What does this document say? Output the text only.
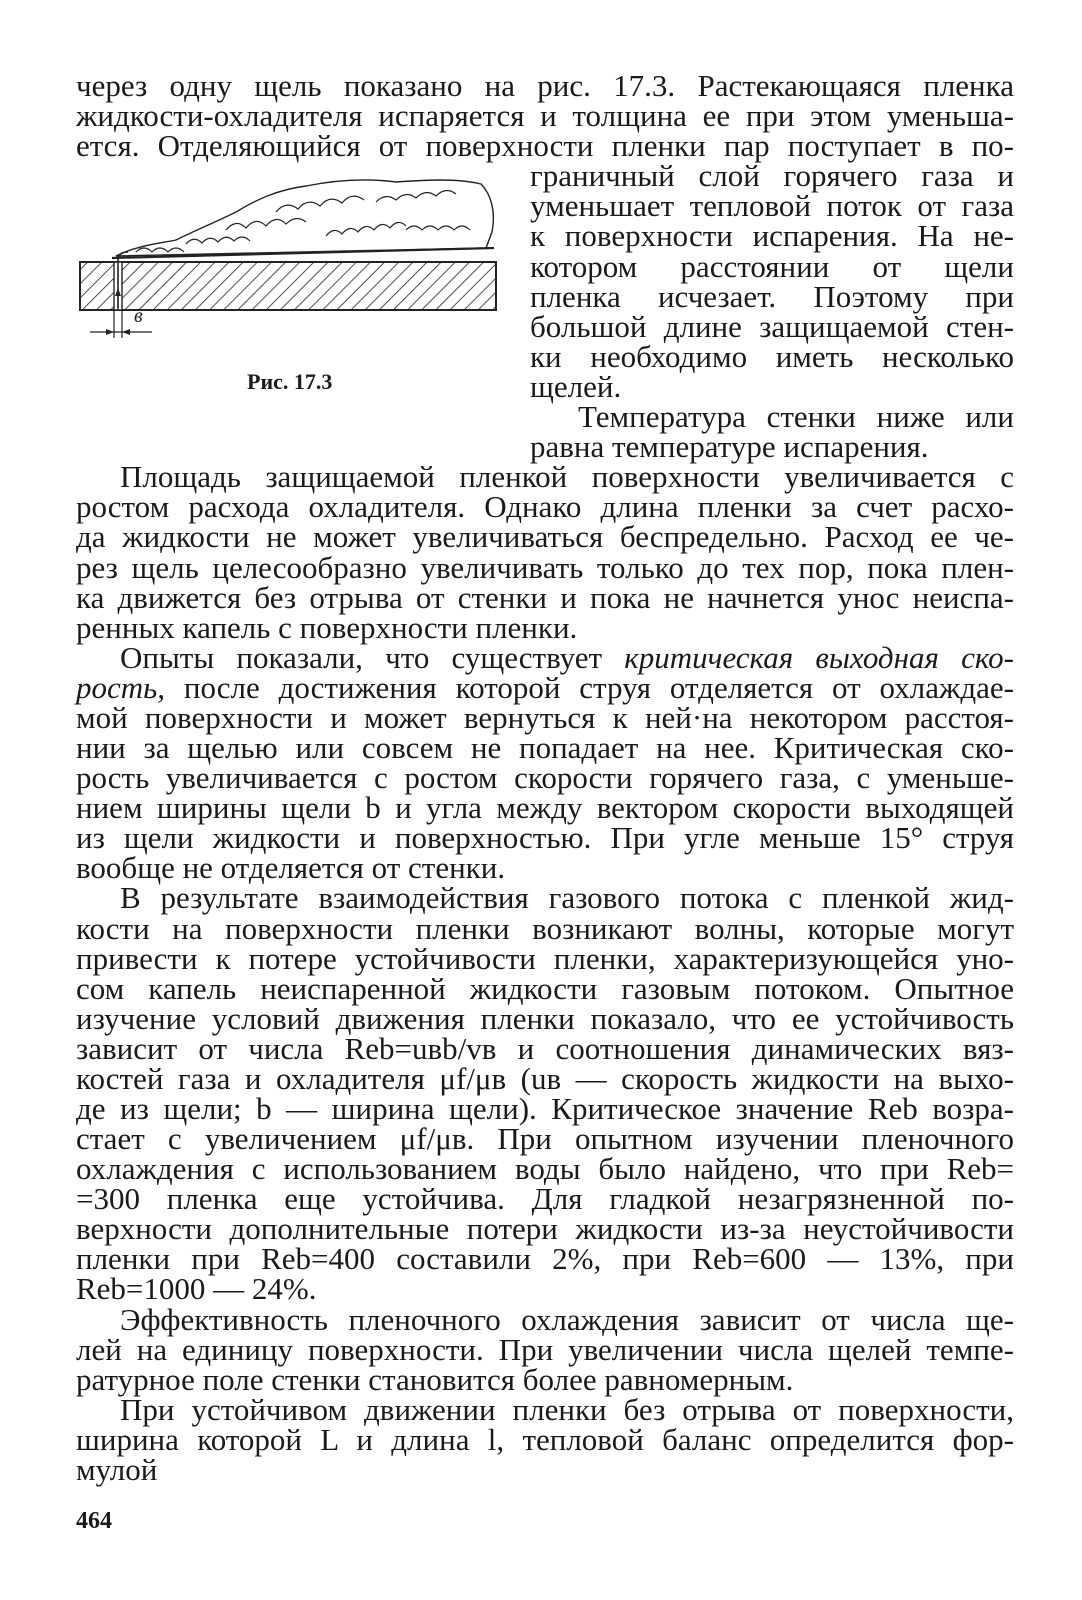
через одну щель показано на рис. 17.3. Растекающаяся пленка

жидкости-охладителя испаряется и толщина ее при этом уменьша-

ется. Отделяющийся от поверхности пленки пар поступает в по-

в
Рис. 17.3

граничный слой горячего газа и

уменьшает тепловой поток от газа

к поверхности испарения. На не-

котором расстоянии от щели

пленка исчезает. Поэтому при

большой длине защищаемой стен-

ки необходимо иметь несколько

щелей.

Температура стенки ниже или

равна температуре испарения.

Площадь защищаемой пленкой поверхности увеличивается с

ростом расхода охладителя. Однако длина пленки за счет расхо-

да жидкости не может увеличиваться беспредельно. Расход ее че-

рез щель целесообразно увеличивать только до тех пор, пока плен-

ка движется без отрыва от стенки и пока не начнется унос неиспа-

ренных капель с поверхности пленки.

Опыты показали, что существует критическая выходная ско-

рость, после достижения которой струя отделяется от охлаждае-

мой поверхности и может вернуться к ней·на некотором расстоя-

нии за щелью или совсем не попадает на нее. Критическая ско-

рость увеличивается с ростом скорости горячего газа, с уменьше-

нием ширины щели b и угла между вектором скорости выходящей

из щели жидкости и поверхностью. При угле меньше 15° струя

вообще не отделяется от стенки.

В результате взаимодействия газового потока с пленкой жид-

кости на поверхности пленки возникают волны, которые могут

привести к потере устойчивости пленки, характеризующейся уно-

сом капель неиспаренной жидкости газовым потоком. Опытное

изучение условий движения пленки показало, что ее устойчивость

зависит от числа Reb=uвb/vв и соотношения динамических вяз-

костей газа и охладителя μf/μв (uв — скорость жидкости на выхо-

де из щели; b — ширина щели). Критическое значение Reb возра-

стает с увеличением μf/μв. При опытном изучении пленочного

охлаждения с использованием воды было найдено, что при Reb=

=300 пленка еще устойчива. Для гладкой незагрязненной по-

верхности дополнительные потери жидкости из-за неустойчивости

пленки при Reb=400 составили 2%, при Reb=600 — 13%, при

Reb=1000 — 24%.

Эффективность пленочного охлаждения зависит от числа ще-

лей на единицу поверхности. При увеличении числа щелей темпе-

ратурное поле стенки становится более равномерным.

При устойчивом движении пленки без отрыва от поверхности,

ширина которой L и длина l, тепловой баланс определится фор-

мулой

464
